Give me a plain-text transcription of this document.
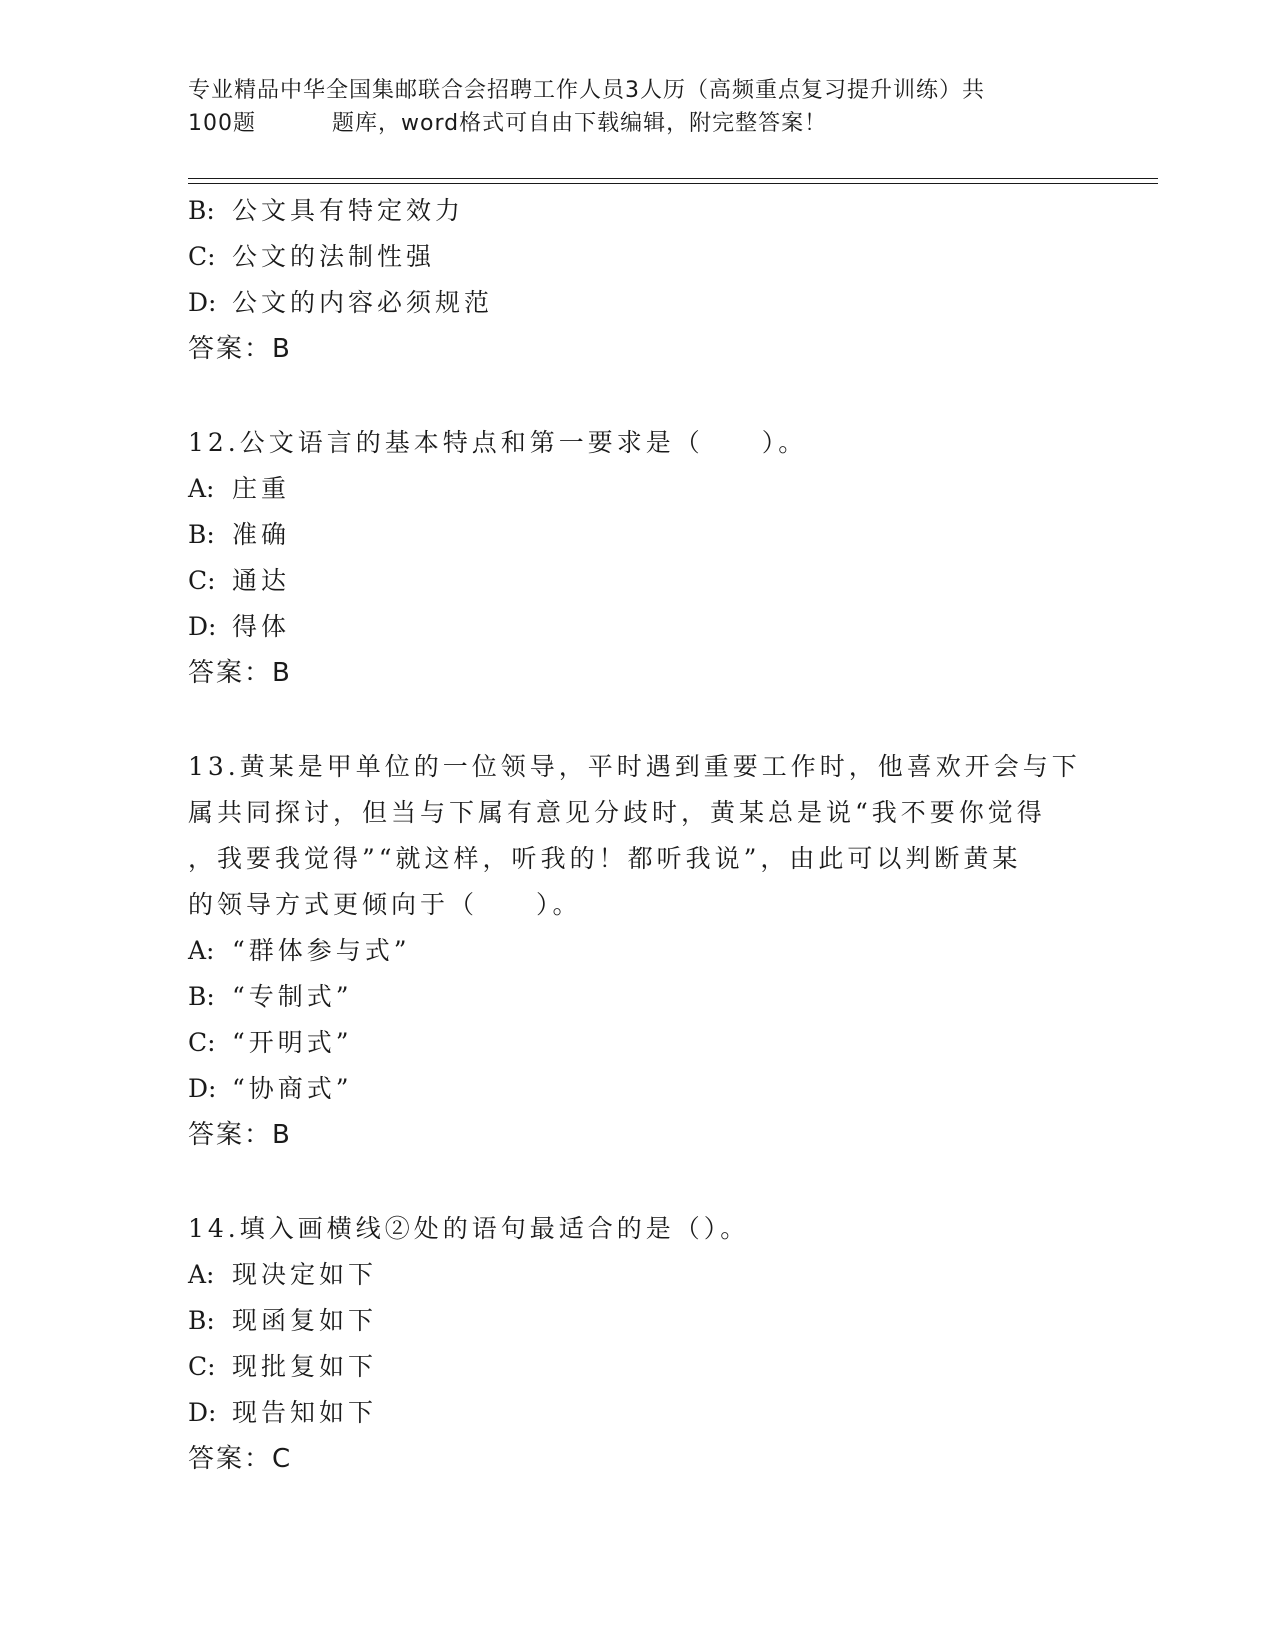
专业精品中华全国集邮联合会招聘工作人员3人历（高频重点复习提升训练）共
100题	题库，word格式可自由下载编辑，附完整答案！
B: 公文具有特定效力
C: 公文的法制性强
D: 公文的内容必须规范
答案：B
12.公文语言的基本特点和第一要求是（　　）。
A: 庄重
B: 准确
C: 通达
D: 得体
答案：B
13.黄某是甲单位的一位领导，平时遇到重要工作时，他喜欢开会与下
属共同探讨，但当与下属有意见分歧时，黄某总是说“我不要你觉得
，我要我觉得”“就这样，听我的！都听我说”，由此可以判断黄某
的领导方式更倾向于（　　）。
A: “群体参与式”
B: “专制式”
C: “开明式”
D: “协商式”
答案：B
14.填入画横线②处的语句最适合的是（）。
A: 现决定如下
B: 现函复如下
C: 现批复如下
D: 现告知如下
答案：C
